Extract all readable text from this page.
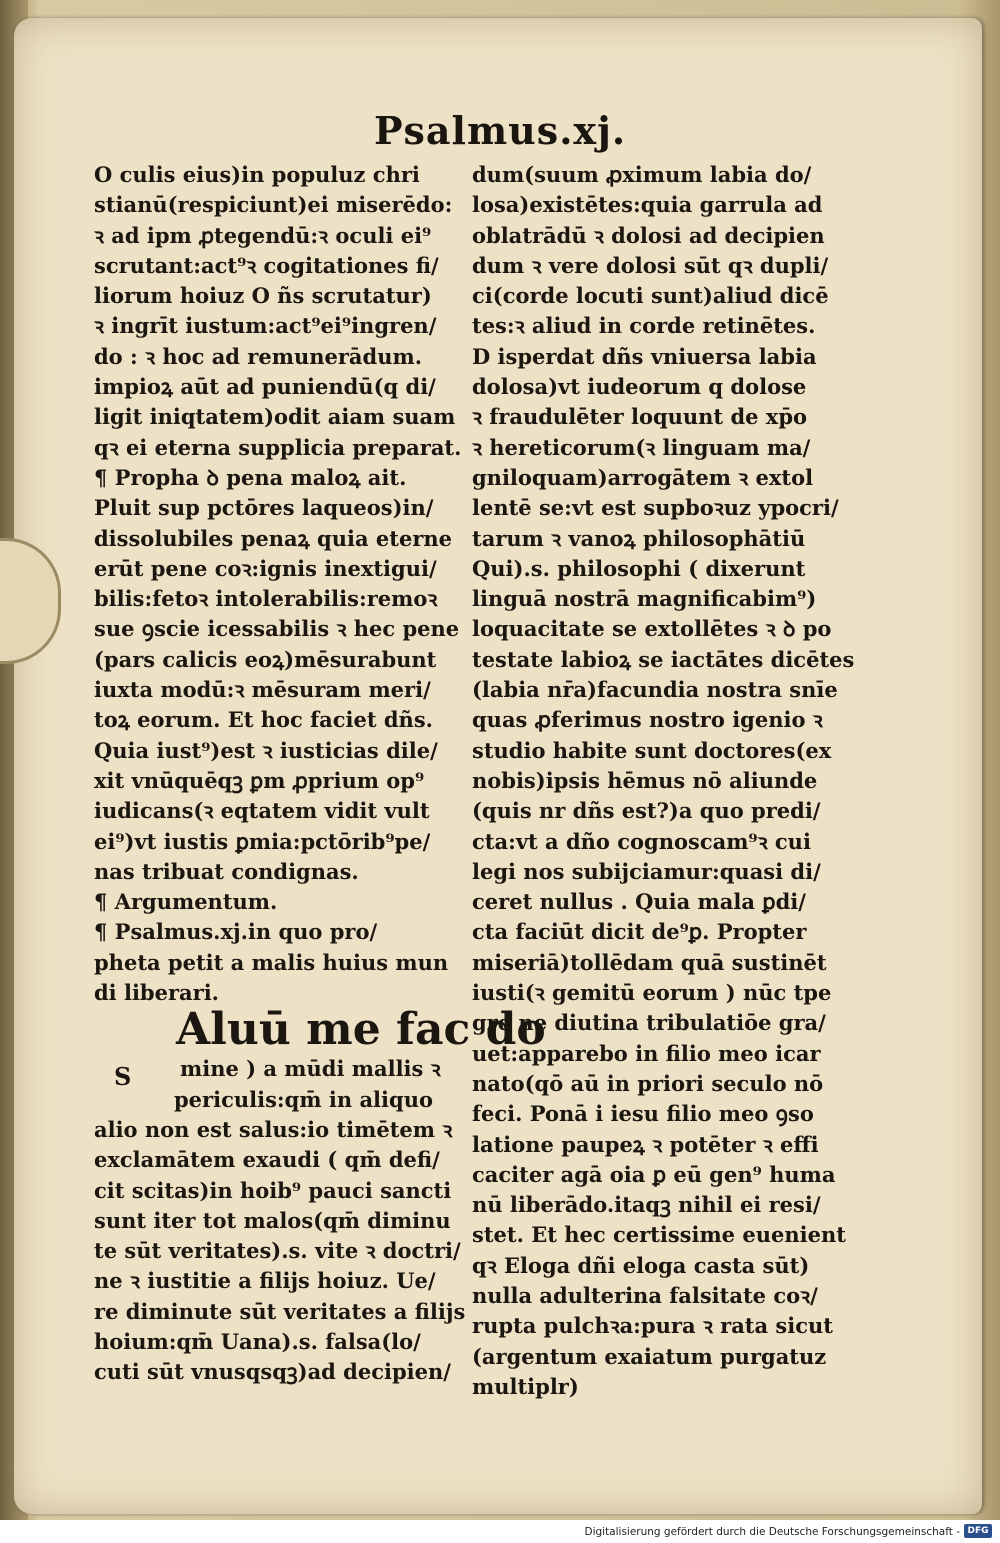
Psalmus.xj.
O culis eius)in populuz chri
stianū(respiciunt)ei miserēdo:
ꝛ ad ipm ꝓtegendū:ꝛ oculi ei⁹
scrutant:act⁹ꝛ cogitationes fi/
liorum hoiuz O ñs scrutatur)
ꝛ ingrīt iustum:act⁹ei⁹ingren/
do : ꝛ hoc ad remunerādum.
impioꝝ aūt ad puniendū(q di/
ligit iniqtatem)odit aiam suam
qꝛ ei eterna supplicia preparat.
¶ Propha ꝺ pena maloꝝ ait.
Pluit sup pctōres laqueos)in/
dissolubiles penaꝝ quia eterne
erūt pene coꝛ:ignis inextigui/
bilis:fetoꝛ intolerabilis:remoꝛ
sue ꝯscie icessabilis ꝛ hec pene
(pars calicis eoꝝ)mēsurabunt
iuxta modū:ꝛ mēsuram meri/
toꝝ eorum. Et hoc faciet dñs.
Quia iust⁹)est ꝛ iusticias dile/
xit vnūquēqꝫ ꝑm ꝓprium op⁹
iudicans(ꝛ eqtatem vidit vult
ei⁹)vt iustis ꝑmia:pctōrib⁹pe/
nas tribuat condignas.
¶ Argumentum.
¶ Psalmus.xj.in quo pro/
pheta petit a malis huius mun
di liberari.
Aluū me fac do
mine ) a mūdi mallis ꝛ
periculis:qm̄ in aliquo
alio non est salus:io timētem ꝛ
exclamātem exaudi ( qm̄ defi/
cit scitas)in hoib⁹ pauci sancti
sunt iter tot malos(qm̄ diminu
te sūt veritates).s. vite ꝛ doctri/
ne ꝛ iustitie a filijs hoiuz. Ue/
re diminute sūt veritates a filijs
hoium:qm̄ Uana).s. falsa(lo/
cuti sūt vnusqsqꝫ)ad decipien/
dum(suum ꝓximum labia do/
losa)existētes:quia garrula ad
oblatrādū ꝛ dolosi ad decipien
dum ꝛ vere dolosi sūt qꝛ dupli/
ci(corde locuti sunt)aliud dicē
tes:ꝛ aliud in corde retinētes.
D isperdat dñs vniuersa labia
dolosa)vt iudeorum q dolose
ꝛ fraudulēter loquunt de xp̄o
ꝛ hereticorum(ꝛ linguam ma/
gniloquam)arrogātem ꝛ extol
lentē se:vt est supboꝛuz ypocri/
tarum ꝛ vanoꝝ philosophātiū
Qui).s. philosophi ( dixerunt
linguā nostrā magnificabim⁹)
loquacitate se extollētes ꝛ ꝺ po
testate labioꝝ se iactātes dicētes
(labia nr̄a)facundia nostra snīe
quas ꝓferimus nostro igenio ꝛ
studio habite sunt doctores(ex
nobis)ipsis hēmus nō aliunde
(quis nr dñs est?)a quo predi/
cta:vt a dño cognoscam⁹ꝛ cui
legi nos subijciamur:quasi di/
ceret nullus . Quia mala ꝑdi/
cta faciūt dicit de⁹ꝑ. Propter
miseriā)tollēdam quā sustinēt
iusti(ꝛ gemitū eorum ) nūc tpe
gre ne diutina tribulatiōe gra/
uet:apparebo in filio meo icar
nato(qō aū in priori seculo nō
feci. Ponā i iesu filio meo ꝯso
latione paupeꝝ ꝛ potēter ꝛ effi
caciter agā oia ꝑ eū gen⁹ huma
nū liberādo.itaqꝫ nihil ei resi/
stet. Et hec certissime euenient
qꝛ Eloga dñi eloga casta sūt)
nulla adulterina falsitate coꝛ/
rupta pulchꝛa:pura ꝛ rata sicut
(argentum exaiatum purgatuz
multiplr)
S
Digitalisierung gefördert durch die Deutsche Forschungsgemeinschaft - DFG
